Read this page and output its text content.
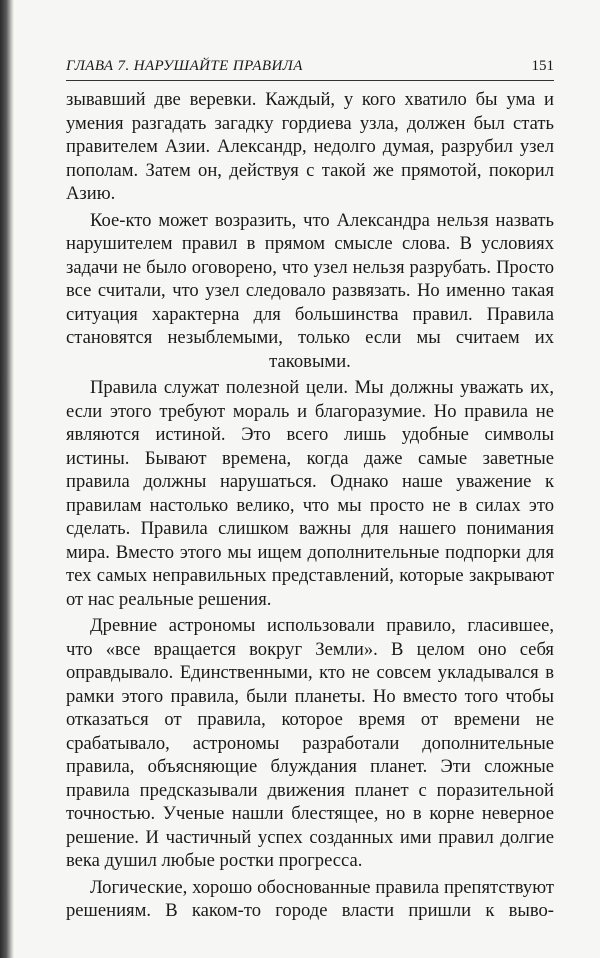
ГЛАВА 7. НАРУШАЙТЕ ПРАВИЛА	151

зывавший две веревки. Каждый, у кого хватило бы ума и умения разгадать загадку гордиева узла, должен был стать правителем Азии. Александр, недолго думая, разрубил узел пополам. Затем он, действуя с такой же прямотой, покорил Азию.

Кое-кто может возразить, что Александра нельзя назвать нарушителем правил в прямом смысле слова. В условиях задачи не было оговорено, что узел нельзя разрубать. Просто все считали, что узел следовало развязать. Но именно такая ситуация характерна для большинства правил. Правила становятся незыблемыми, только если мы считаем их таковыми.

Правила служат полезной цели. Мы должны уважать их, если этого требуют мораль и благоразумие. Но правила не являются истиной. Это всего лишь удобные символы истины. Бывают времена, когда даже самые заветные правила должны нарушаться. Однако наше уважение к правилам настолько велико, что мы просто не в силах это сделать. Правила слишком важны для нашего понимания мира. Вместо этого мы ищем дополнительные подпорки для тех самых неправильных представлений, которые закрывают от нас реальные решения.

Древние астрономы использовали правило, гласившее, что «все вращается вокруг Земли». В целом оно себя оправдывало. Единственными, кто не совсем укладывался в рамки этого правила, были планеты. Но вместо того чтобы отказаться от правила, которое время от времени не срабатывало, астрономы разработали дополнительные правила, объясняющие блуждания планет. Эти сложные правила предсказывали движения планет с поразительной точностью. Ученые нашли блестящее, но в корне неверное решение. И частичный успех созданных ими правил долгие века душил любые ростки прогресса.

Логические, хорошо обоснованные правила препятствуют решениям. В каком-то городе власти пришли к выво-
